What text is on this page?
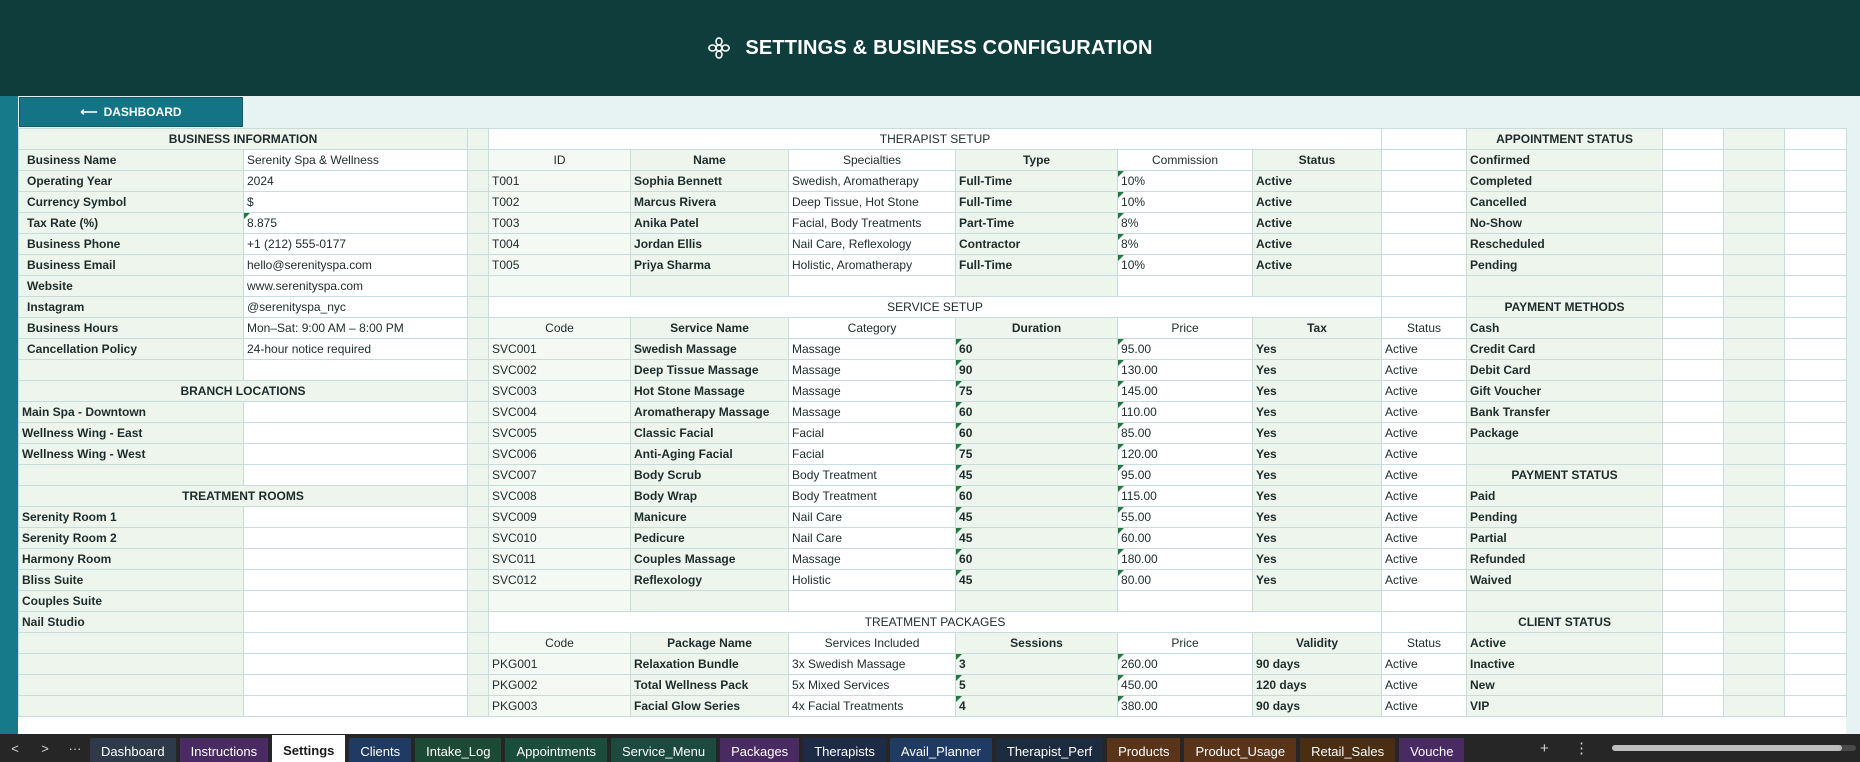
SETTINGS & BUSINESS CONFIGURATION
⟵ DASHBOARD
BUSINESS INFORMATION			THERAPIST SETUP							APPOINTMENT STATUS			
Business Name	Serenity Spa & Wellness		ID	Name	Specialties	Type	Commission	Status		Confirmed			
Operating Year	2024		T001	Sophia Bennett	Swedish, Aromatherapy	Full-Time	10%	Active		Completed			
Currency Symbol	$		T002	Marcus Rivera	Deep Tissue, Hot Stone	Full-Time	10%	Active		Cancelled			
Tax Rate (%)	8.875		T003	Anika Patel	Facial, Body Treatments	Part-Time	8%	Active		No-Show			
Business Phone	+1 (212) 555-0177		T004	Jordan Ellis	Nail Care, Reflexology	Contractor	8%	Active		Rescheduled			
Business Email	hello@serenityspa.com		T005	Priya Sharma	Holistic, Aromatherapy	Full-Time	10%	Active		Pending			
Website	www.serenityspa.com												
Instagram	@serenityspa_nyc		SERVICE SETUP							PAYMENT METHODS			
Business Hours	Mon–Sat: 9:00 AM – 8:00 PM		Code	Service Name	Category	Duration	Price	Tax	Status	Cash			
Cancellation Policy	24-hour notice required		SVC001	Swedish Massage	Massage	60	95.00	Yes	Active	Credit Card			
			SVC002	Deep Tissue Massage	Massage	90	130.00	Yes	Active	Debit Card			
BRANCH LOCATIONS			SVC003	Hot Stone Massage	Massage	75	145.00	Yes	Active	Gift Voucher			
Main Spa - Downtown			SVC004	Aromatherapy Massage	Massage	60	110.00	Yes	Active	Bank Transfer			
Wellness Wing - East			SVC005	Classic Facial	Facial	60	85.00	Yes	Active	Package			
Wellness Wing - West			SVC006	Anti-Aging Facial	Facial	75	120.00	Yes	Active				
			SVC007	Body Scrub	Body Treatment	45	95.00	Yes	Active	PAYMENT STATUS			
TREATMENT ROOMS			SVC008	Body Wrap	Body Treatment	60	115.00	Yes	Active	Paid			
Serenity Room 1			SVC009	Manicure	Nail Care	45	55.00	Yes	Active	Pending			
Serenity Room 2			SVC010	Pedicure	Nail Care	45	60.00	Yes	Active	Partial			
Harmony Room			SVC011	Couples Massage	Massage	60	180.00	Yes	Active	Refunded			
Bliss Suite			SVC012	Reflexology	Holistic	45	80.00	Yes	Active	Waived			
Couples Suite													
Nail Studio			TREATMENT PACKAGES							CLIENT STATUS			
			Code	Package Name	Services Included	Sessions	Price	Validity	Status	Active			
			PKG001	Relaxation Bundle	3x Swedish Massage	3	260.00	90 days	Active	Inactive			
			PKG002	Total Wellness Pack	5x Mixed Services	5	450.00	120 days	Active	New			
			PKG003	Facial Glow Series	4x Facial Treatments	4	380.00	90 days	Active	VIP			
<	>	···	Dashboard	Instructions	Settings	Clients	Intake_Log	Appointments	Service_Menu	Packages	Therapists	Avail_Planner	Therapist_Perf	Products	Product_Usage	Retail_Sales	Vouche	+ ⋮
